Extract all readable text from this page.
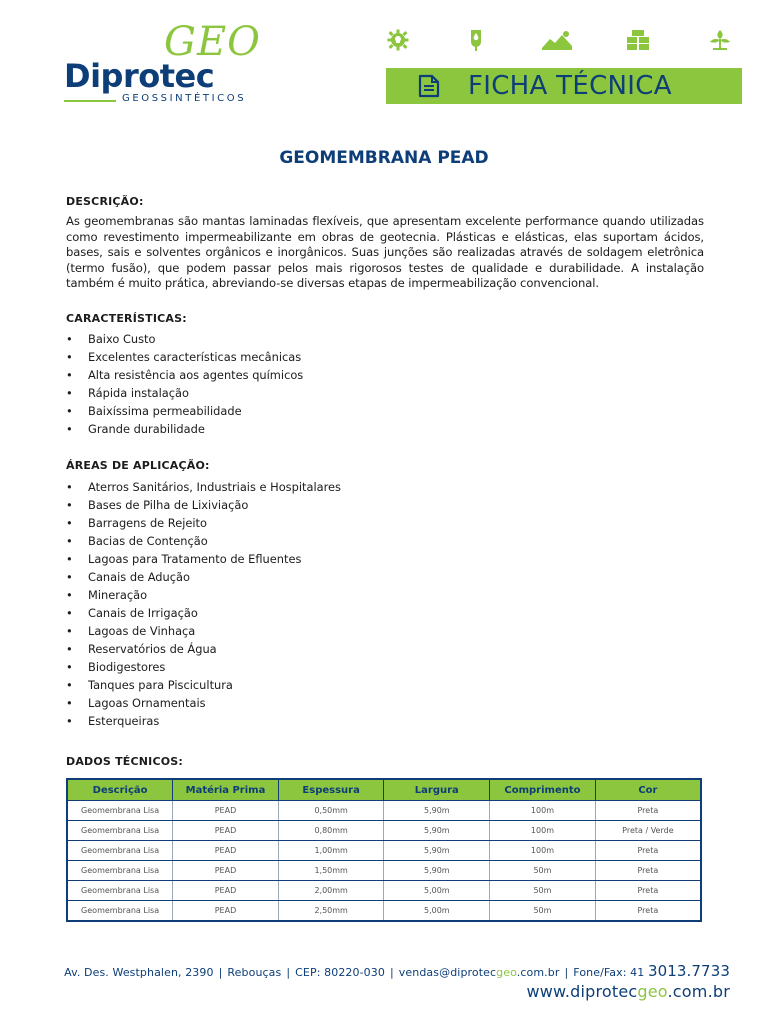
GEO
Diprotec
GEOSSINTÉTICOS	FICHA TÉCNICA
GEOMEMBRANA PEAD
DESCRIÇÃO:

As geomembranas são mantas laminadas flexíveis, que apresentam excelente performance quando utilizadas como revestimento impermeabilizante em obras de geotecnia. Plásticas e elásticas, elas suportam ácidos, bases, sais e solventes orgânicos e inorgânicos. Suas junções são realizadas através de soldagem eletrônica (termo fusão), que podem passar pelos mais rigorosos testes de qualidade e durabilidade. A instalação também é muito prática, abreviando-se diversas etapas de impermeabilização convencional.

CARACTERÍSTICAS:
• Baixo Custo
• Excelentes características mecânicas
• Alta resistência aos agentes químicos
• Rápida instalação
• Baixíssima permeabilidade
• Grande durabilidade
ÁREAS DE APLICAÇÃO:
• Aterros Sanitários, Industriais e Hospitalares
• Bases de Pilha de Lixiviação
• Barragens de Rejeito
• Bacias de Contenção
• Lagoas para Tratamento de Efluentes
• Canais de Adução
• Mineração
• Canais de Irrigação
• Lagoas de Vinhaça
• Reservatórios de Água
• Biodigestores
• Tanques para Piscicultura
• Lagoas Ornamentais
• Esterqueiras
DADOS TÉCNICOS:
Descrição	Matéria Prima	Espessura	Largura	Comprimento	Cor
Geomembrana Lisa	PEAD	0,50mm	5,90m	100m	Preta
Geomembrana Lisa	PEAD	0,80mm	5,90m	100m	Preta / Verde
Geomembrana Lisa	PEAD	1,00mm	5,90m	100m	Preta
Geomembrana Lisa	PEAD	1,50mm	5,90m	50m	Preta
Geomembrana Lisa	PEAD	2,00mm	5,00m	50m	Preta
Geomembrana Lisa	PEAD	2,50mm	5,00m	50m	Preta
Av. Des. Westphalen, 2390 | Rebouças | CEP: 80220-030 | vendas@diprotecgeo.com.br | Fone/Fax: 41 3013.7733
www.diprotecgeo.com.br
